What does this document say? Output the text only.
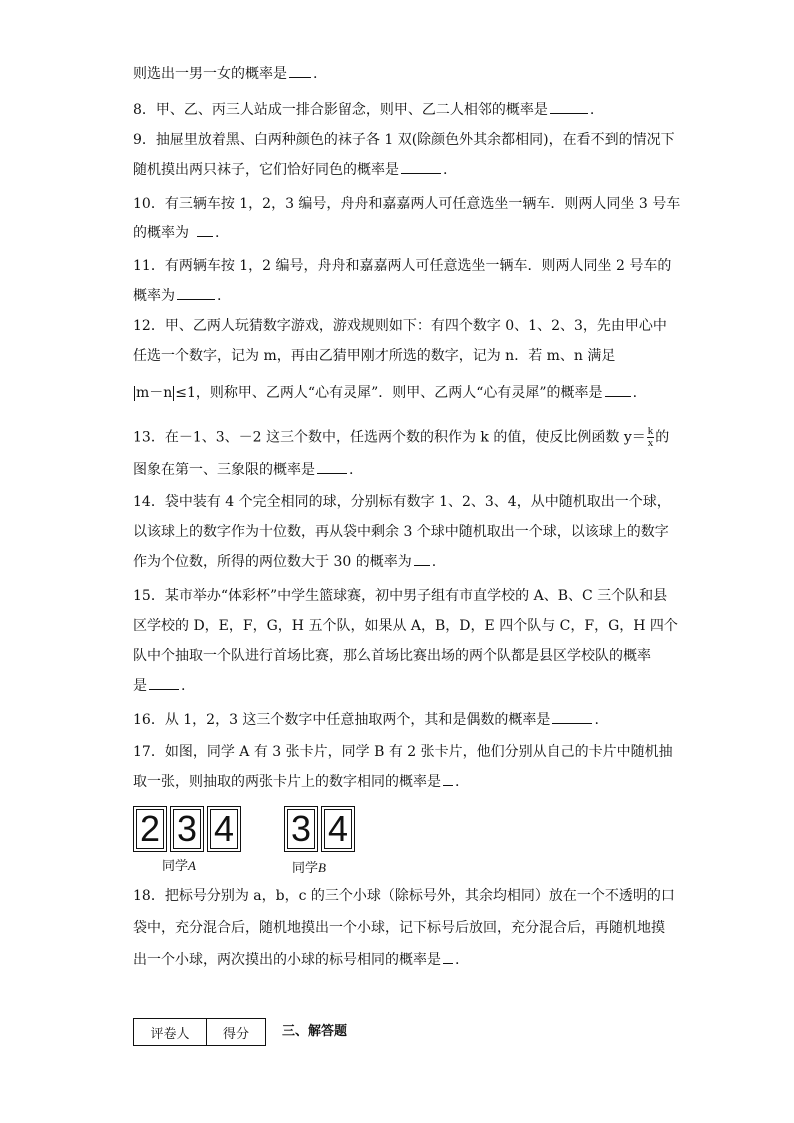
则选出一男一女的概率是 .
8．甲、乙、丙三人站成一排合影留念，则甲、乙二人相邻的概率是	.
9．抽屉里放着黑、白两种颜色的袜子各 1 双(除颜色外其余都相同)，在看不到的情况下
随机摸出两只袜子，它们恰好同色的概率是	.
10．有三辆车按 1，2，3 编号，舟舟和嘉嘉两人可任意选坐一辆车．则两人同坐 3 号车
的概率为 .
11．有两辆车按 1，2 编号，舟舟和嘉嘉两人可任意选坐一辆车．则两人同坐 2 号车的
概率为	.
12．甲、乙两人玩猜数字游戏，游戏规则如下：有四个数字 0、1、2、3，先由甲心中
任选一个数字，记为 m，再由乙猜甲刚才所选的数字，记为 n．若 m、n 满足
m－n ≤1，则称甲、乙两人“心有灵犀”．则甲、乙两人“心有灵犀”的概率是 .
13．在－1、3、－2 这三个数中，任选两个数的积作为 k 的值，使反比例函数 $y= \frac{k}{x}$ 的
图象在第一、三象限的概率是 .
14．袋中装有 4 个完全相同的球，分别标有数字 1、2、3、4，从中随机取出一个球，
以该球上的数字作为十位数，再从袋中剩余 3 个球中随机取出一个球，以该球上的数字
作为个位数，所得的两位数大于 30 的概率为 .
15．某市举办“体彩杯”中学生篮球赛，初中男子组有市直学校的 A、B、C 三个队和县
区学校的 D，E，F，G，H 五个队，如果从 A，B，D，E 四个队与 C，F，G，H 四个
队中个抽取一个队进行首场比赛，那么首场比赛出场的两个队都是县区学校队的概率
是 .
16．从 1，2，3 这三个数字中任意抽取两个，其和是偶数的概率是	.
17．如图，同学 A 有 3 张卡片，同学 B 有 2 张卡片，他们分别从自己的卡片中随机抽
取一张，则抽取的两张卡片上的数字相同的概率是 .
2 3 4
同学A
3 4
同学B
18．把标号分别为 a，b，c 的三个小球（除标号外，其余均相同）放在一个不透明的口
袋中，充分混合后，随机地摸出一个小球，记下标号后放回，充分混合后，再随机地摸
出一个小球，两次摸出的小球的标号相同的概率是 .
评卷人	得分	三、解答题
